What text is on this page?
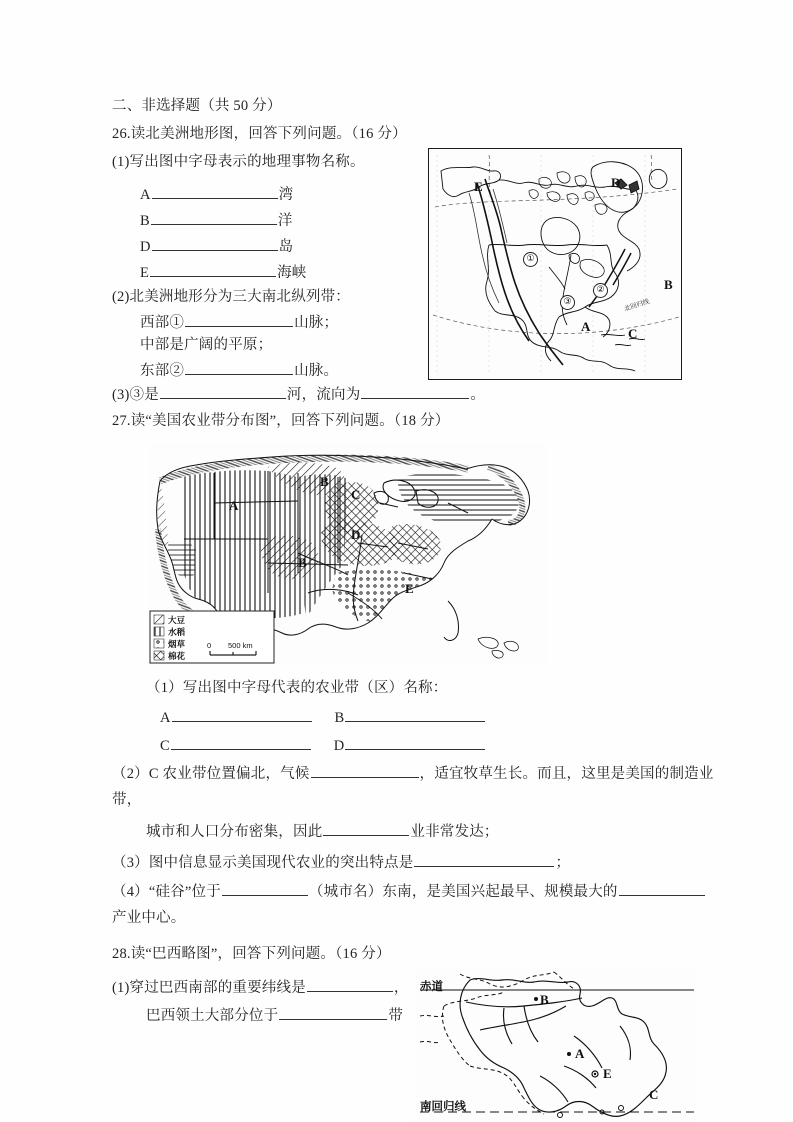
二、非选择题（共 50 分）
26.读北美洲地形图，回答下列问题。（16 分）
(1)写出图中字母表示的地理事物名称。
A	湾
B	洋
D	岛
E	海峡
(2)北美洲地形分为三大南北纵列带：
西部①	山脉；
中部是广阔的平原；
东部②	山脉。
(3)③是	河，流向为	。
北回归线
E	D
B
A	C
①
②
③
27.读“美国农业带分布图”，回答下列问题。（18 分）
A
B
C
D
B
E
大豆
水稻
烟草
棉花
0 500 km
（1）写出图中字母代表的农业带（区）名称：
A	B
C	D
（2）C 农业带位置偏北，气候	，适宜牧草生长。而且，这里是美国的制造业
带，
城市和人口分布密集，因此	业非常发达；
（3）图中信息显示美国现代农业的突出特点是	；
（4）“硅谷”位于	（城市名）东南，是美国兴起最早、规模最大的
产业中心。
28.读“巴西略图”，回答下列问题。（16 分）
(1)穿过巴西南部的重要纬线是	，
巴西领土大部分位于	带
赤道
南回归线
B
A
E
C
